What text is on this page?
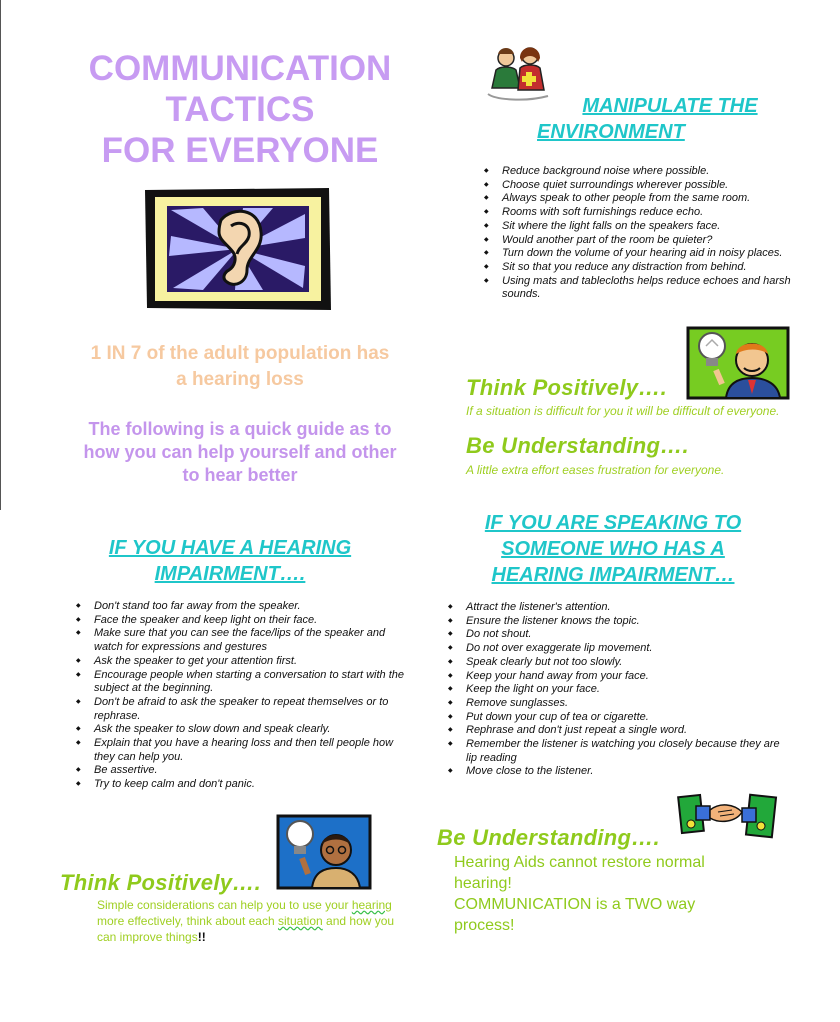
COMMUNICATION
TACTICS
FOR EVERYONE
1 IN 7 of the adult population has
a hearing loss
The following is a quick guide as to
how you can help yourself and other
to hear better
MANIPULATE THE
ENVIRONMENT
◆ Reduce background noise where possible.
◆ Choose quiet surroundings wherever possible.
◆ Always speak to other people from the same room.
◆ Rooms with soft furnishings reduce echo.
◆ Sit where the light falls on the speakers face.
◆ Would another part of the room be quieter?
◆ Turn down the volume of your hearing aid in noisy places.
◆ Sit so that you reduce any distraction from behind.
◆ Using mats and tablecloths helps reduce echoes and harsh sounds.
Think Positively….
If a situation is difficult for you it will be difficult of everyone.
Be Understanding….
A little extra effort eases frustration for everyone.
IF YOU HAVE A HEARING
IMPAIRMENT….
◆ Don't stand too far away from the speaker.
◆ Face the speaker and keep light on their face.
◆ Make sure that you can see the face/lips of the speaker and watch for expressions and gestures
◆ Ask the speaker to get your attention first.
◆ Encourage people when starting a conversation to start with the subject at the beginning.
◆ Don't be afraid to ask the speaker to repeat themselves or to rephrase.
◆ Ask the speaker to slow down and speak clearly.
◆ Explain that you have a hearing loss and then tell people how they can help you.
◆ Be assertive.
◆ Try to keep calm and don't panic.
IF YOU ARE SPEAKING TO
SOMEONE WHO HAS A
HEARING IMPAIRMENT…
◆ Attract the listener's attention.
◆ Ensure the listener knows the topic.
◆ Do not shout.
◆ Do not over exaggerate lip movement.
◆ Speak clearly but not too slowly.
◆ Keep your hand away from your face.
◆ Keep the light on your face.
◆ Remove sunglasses.
◆ Put down your cup of tea or cigarette.
◆ Rephrase and don't just repeat a single word.
◆ Remember the listener is watching you closely because they are lip reading
◆ Move close to the listener.
Be Understanding….
Hearing Aids cannot restore normal
hearing!
COMMUNICATION is a TWO way
process!
Think Positively….
Simple considerations can help you to use your hearing more effectively, think about each situation and how you can improve things!!
